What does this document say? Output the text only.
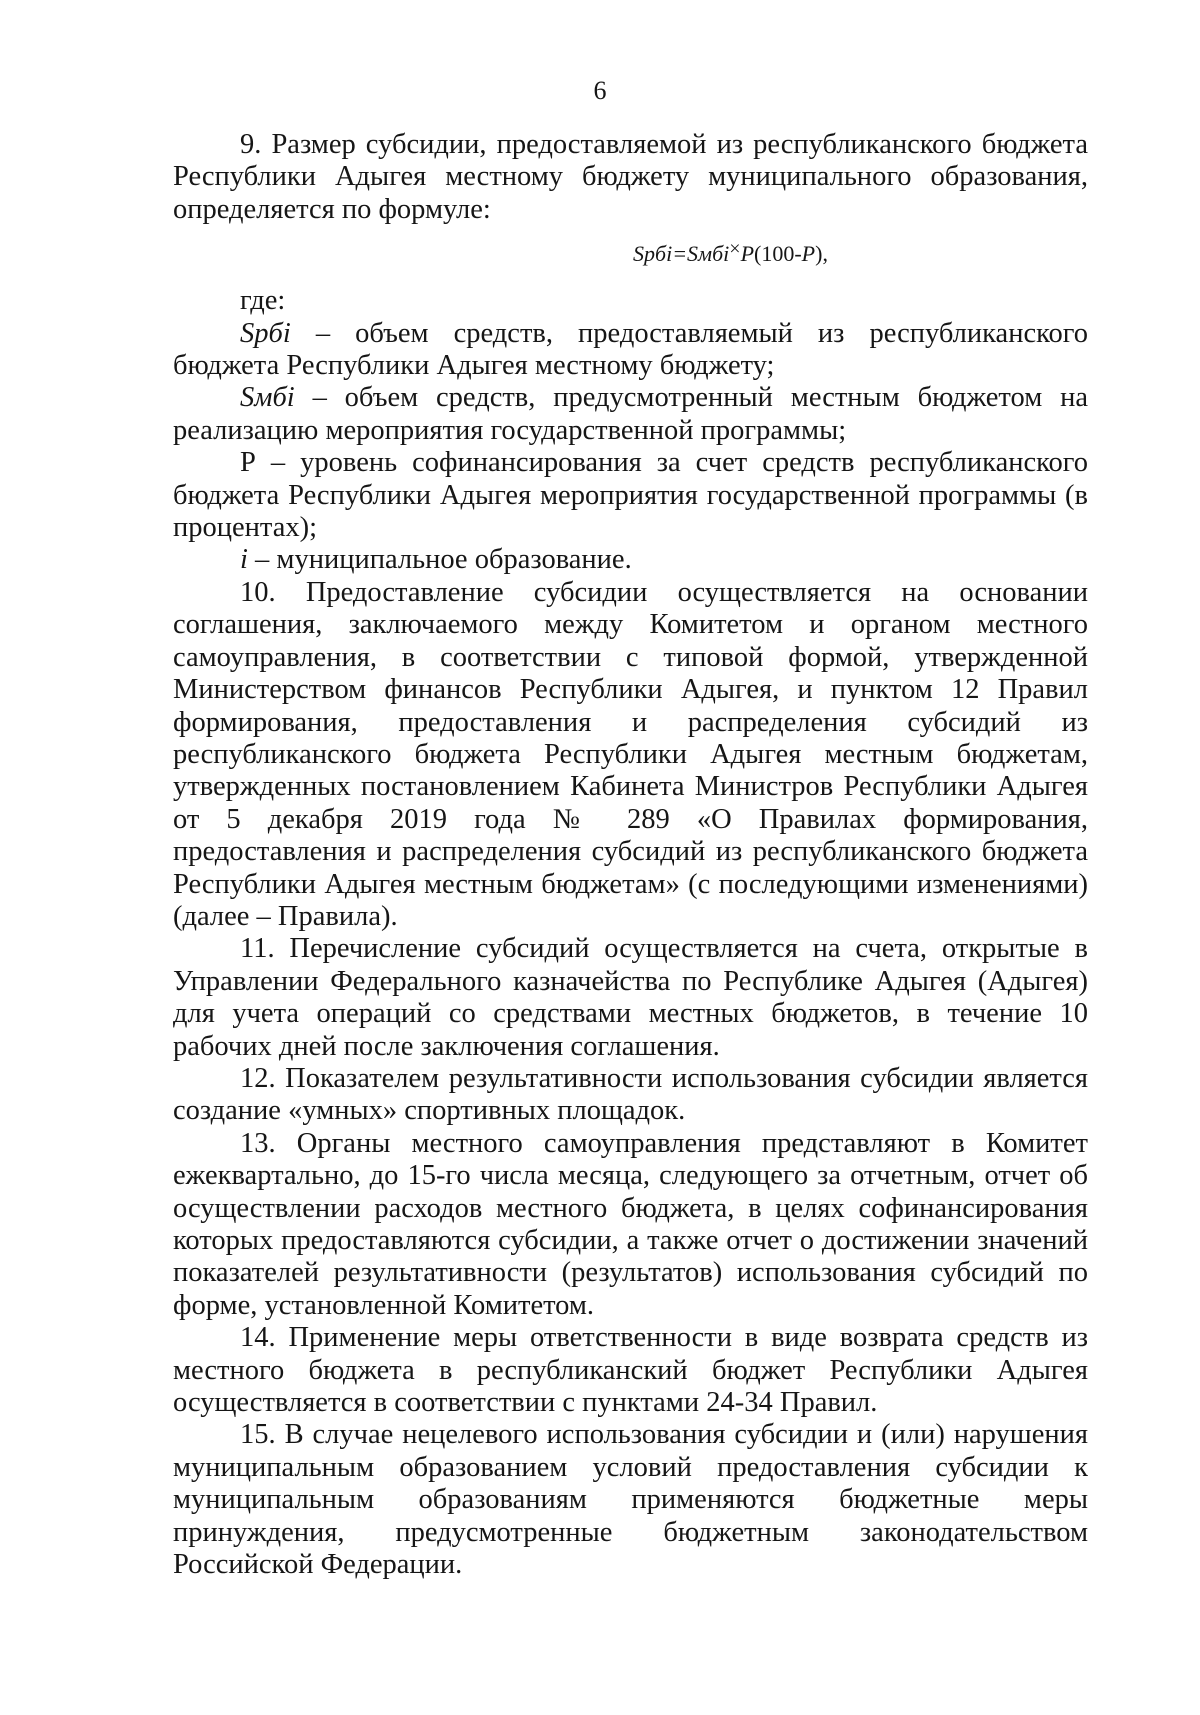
6

9. Размер субсидии, предоставляемой из республиканского бюджета Республики Адыгея местному бюджету муниципального образования, определяется по формуле:

Sрбi=Sмбi×P(100-P),

где:

Sрбi – объем средств, предоставляемый из республиканского бюджета Республики Адыгея местному бюджету;

Sмбi – объем средств, предусмотренный местным бюджетом на реализацию мероприятия государственной программы;

Р – уровень софинансирования за счет средств республиканского бюджета Республики Адыгея мероприятия государственной программы (в процентах);

i – муниципальное образование.

10. Предоставление субсидии осуществляется на основании соглашения, заключаемого между Комитетом и органом местного самоуправления, в соответствии с типовой формой, утвержденной Министерством финансов Республики Адыгея, и пунктом 12 Правил формирования, предоставления и распределения субсидий из республиканского бюджета Республики Адыгея местным бюджетам, утвержденных постановлением Кабинета Министров Республики Адыгея от 5 декабря 2019 года № 289 «О Правилах формирования, предоставления и распределения субсидий из республиканского бюджета Республики Адыгея местным бюджетам» (с последующими изменениями) (далее – Правила).

11. Перечисление субсидий осуществляется на счета, открытые в Управлении Федерального казначейства по Республике Адыгея (Адыгея) для учета операций со средствами местных бюджетов, в течение 10 рабочих дней после заключения соглашения.

12. Показателем результативности использования субсидии является создание «умных» спортивных площадок.

13. Органы местного самоуправления представляют в Комитет ежеквартально, до 15-го числа месяца, следующего за отчетным, отчет об осуществлении расходов местного бюджета, в целях софинансирования которых предоставляются субсидии, а также отчет о достижении значений показателей результативности (результатов) использования субсидий по форме, установленной Комитетом.

14. Применение меры ответственности в виде возврата средств из местного бюджета в республиканский бюджет Республики Адыгея осуществляется в соответствии с пунктами 24-34 Правил.

15. В случае нецелевого использования субсидии и (или) нарушения муниципальным образованием условий предоставления субсидии к муниципальным образованиям применяются бюджетные меры принуждения, предусмотренные бюджетным законодательством Российской Федерации.
